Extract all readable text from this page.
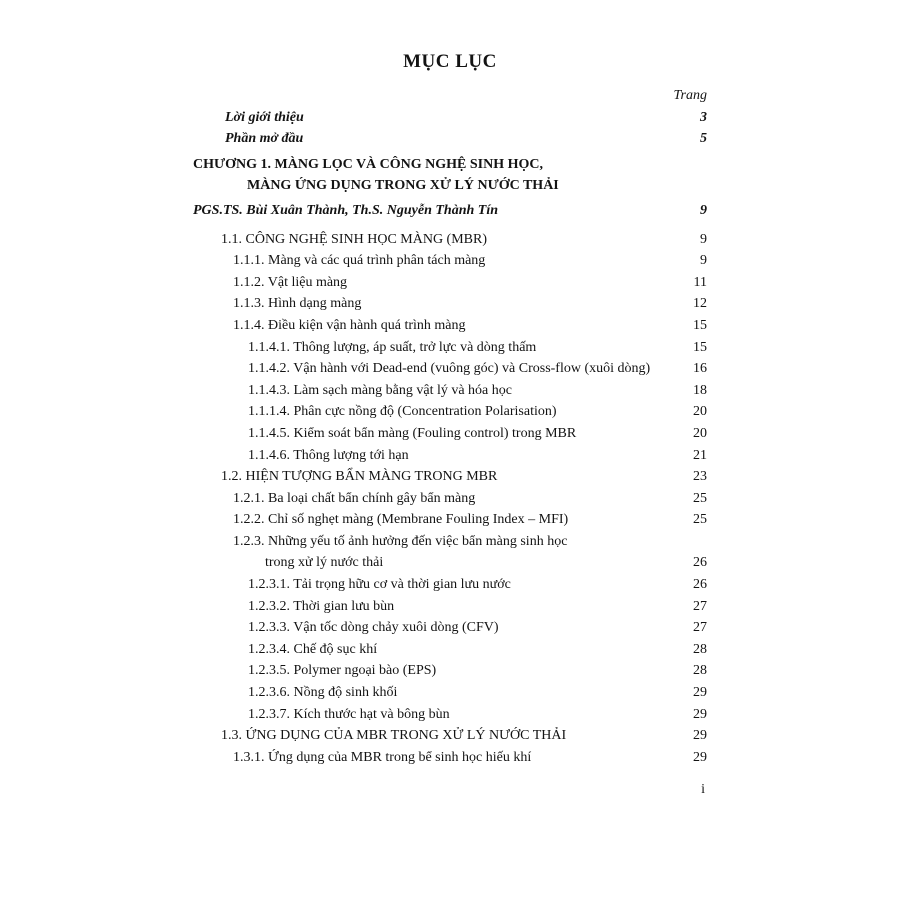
MỤC LỤC
Trang
Lời giới thiệu	3
Phần mở đầu	5
CHƯƠNG 1. MÀNG LỌC VÀ CÔNG NGHỆ SINH HỌC,
MÀNG ỨNG DỤNG TRONG XỬ LÝ NƯỚC THẢI
PGS.TS. Bùi Xuân Thành, Th.S. Nguyễn Thành Tín	9
1.1. CÔNG NGHỆ SINH HỌC MÀNG (MBR)	9
1.1.1. Màng và các quá trình phân tách màng	9
1.1.2. Vật liệu màng	11
1.1.3. Hình dạng màng	12
1.1.4. Điều kiện vận hành quá trình màng	15
1.1.4.1. Thông lượng, áp suất, trở lực và dòng thấm	15
1.1.4.2. Vận hành với Dead-end (vuông góc) và Cross-flow (xuôi dòng)	16
1.1.4.3. Làm sạch màng bằng vật lý và hóa học	18
1.1.1.4. Phân cực nồng độ (Concentration Polarisation)	20
1.1.4.5. Kiểm soát bẩn màng (Fouling control) trong MBR	20
1.1.4.6. Thông lượng tới hạn	21
1.2. HIỆN TƯỢNG BẨN MÀNG TRONG MBR	23
1.2.1. Ba loại chất bẩn chính gây bẩn màng	25
1.2.2. Chỉ số nghẹt màng (Membrane Fouling Index – MFI)	25
1.2.3. Những yếu tố ảnh hưởng đến việc bẩn màng sinh học
trong xử lý nước thải	26
1.2.3.1. Tải trọng hữu cơ và thời gian lưu nước	26
1.2.3.2. Thời gian lưu bùn	27
1.2.3.3. Vận tốc dòng chảy xuôi dòng (CFV)	27
1.2.3.4. Chế độ sục khí	28
1.2.3.5. Polymer ngoại bào (EPS)	28
1.2.3.6. Nồng độ sinh khối	29
1.2.3.7. Kích thước hạt và bông bùn	29
1.3. ỨNG DỤNG CỦA MBR TRONG XỬ LÝ NƯỚC THẢI	29
1.3.1. Ứng dụng của MBR trong bể sinh học hiếu khí	29
i
